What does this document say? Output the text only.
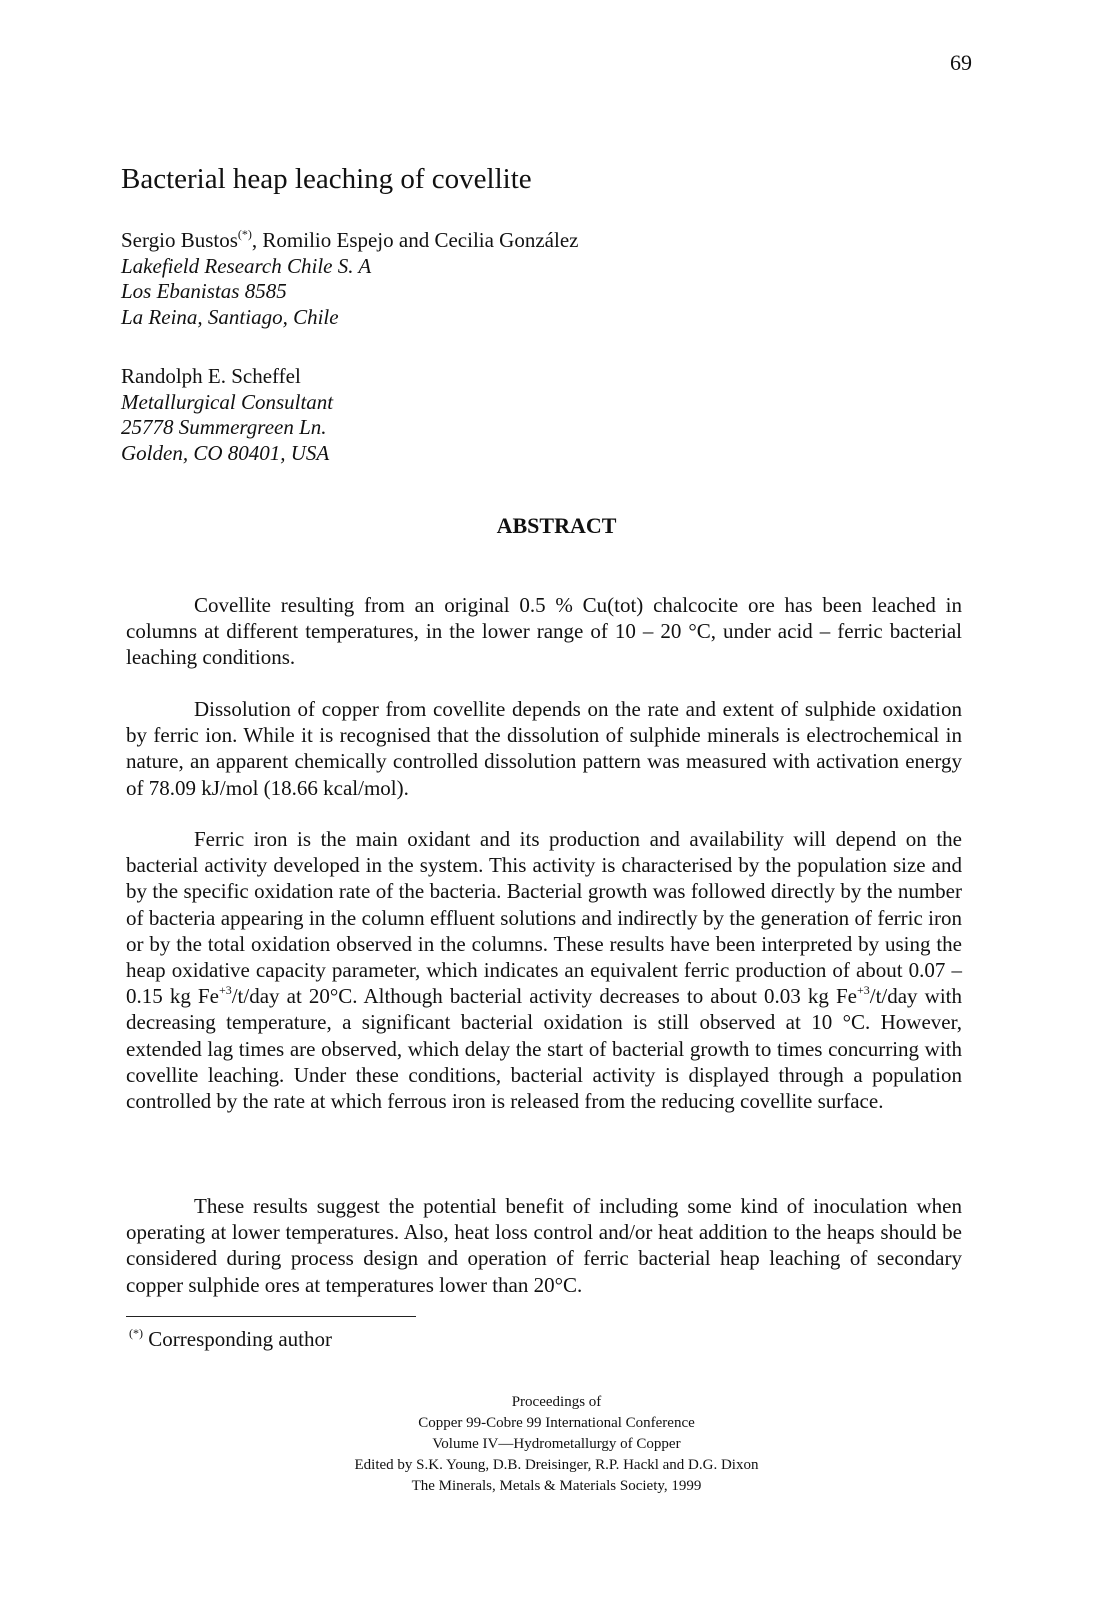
69
Bacterial heap leaching of covellite
Sergio Bustos(*), Romilio Espejo and Cecilia González
Lakefield Research Chile S. A
Los Ebanistas 8585
La Reina, Santiago, Chile
Randolph E. Scheffel
Metallurgical Consultant
25778 Summergreen Ln.
Golden, CO 80401, USA
ABSTRACT

Covellite resulting from an original 0.5 % Cu(tot) chalcocite ore has been leached in columns at different temperatures, in the lower range of 10 – 20 °C, under acid – ferric bacterial leaching conditions.

Dissolution of copper from covellite depends on the rate and extent of sulphide oxidation by ferric ion. While it is recognised that the dissolution of sulphide minerals is electrochemical in nature, an apparent chemically controlled dissolution pattern was measured with activation energy of 78.09 kJ/mol (18.66 kcal/mol).

Ferric iron is the main oxidant and its production and availability will depend on the bacterial activity developed in the system. This activity is characterised by the population size and by the specific oxidation rate of the bacteria. Bacterial growth was followed directly by the number of bacteria appearing in the column effluent solutions and indirectly by the generation of ferric iron or by the total oxidation observed in the columns. These results have been interpreted by using the heap oxidative capacity parameter, which indicates an equivalent ferric production of about 0.07 – 0.15 kg $Fe^{+3}/t$/day at 20°C. Although bacterial activity decreases to about 0.03 kg $Fe^{+3}/t$/day with decreasing temperature, a significant bacterial oxidation is still observed at 10 °C. However, extended lag times are observed, which delay the start of bacterial growth to times concurring with covellite leaching. Under these conditions, bacterial activity is displayed through a population controlled by the rate at which ferrous iron is released from the reducing covellite surface.

These results suggest the potential benefit of including some kind of inoculation when operating at lower temperatures. Also, heat loss control and/or heat addition to the heaps should be considered during process design and operation of ferric bacterial heap leaching of secondary copper sulphide ores at temperatures lower than 20°C.

(*) Corresponding author
Proceedings of
Copper 99-Cobre 99 International Conference
Volume IV—Hydrometallurgy of Copper
Edited by S.K. Young, D.B. Dreisinger, R.P. Hackl and D.G. Dixon
The Minerals, Metals & Materials Society, 1999
